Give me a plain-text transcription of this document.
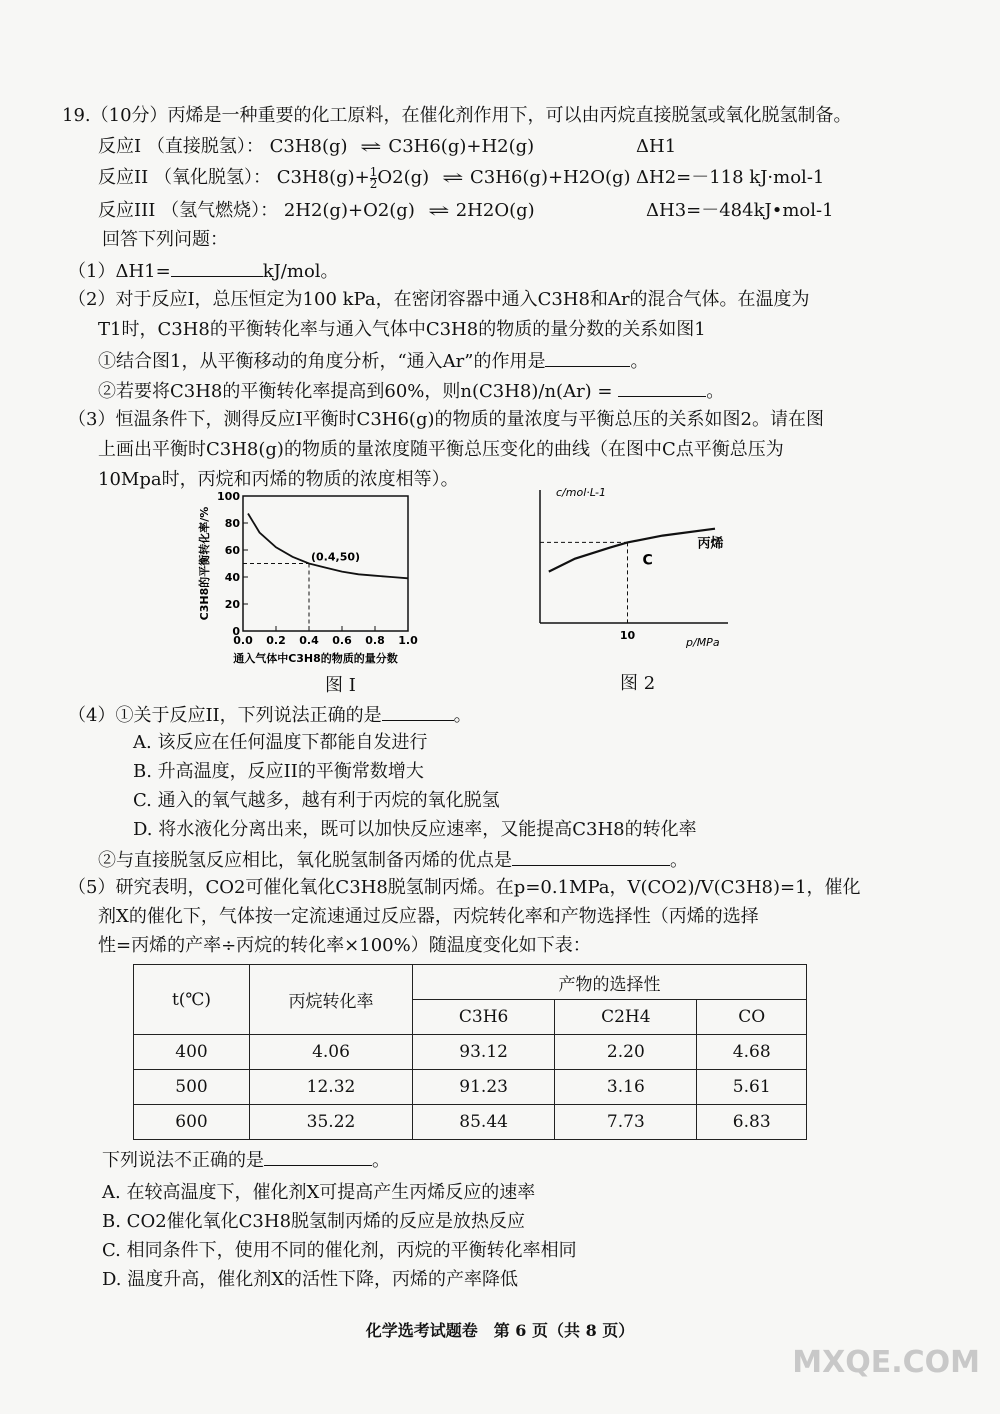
19.（10分）丙烯是一种重要的化工原料，在催化剂作用下，可以由丙烷直接脱氢或氧化脱氢制备。
反应I （直接脱氢）： C3H8(g) ⇌ C3H6(g)+H2(g)	ΔH1
反应II （氧化脱氢）： $C3H8(g)+ \frac{1}{2} O2(g)$ ⇌ C3H6(g)+H2O(g) ΔH2=－118 kJ·mol-1
反应III （氢气燃烧）： 2H2(g)+O2(g) ⇌ 2H2O(g)	ΔH3=－484kJ•mol-1
回答下列问题：
（1）ΔH1=	kJ/mol。
（2）对于反应I，总压恒定为100 kPa，在密闭容器中通入C3H8和Ar的混合气体。在温度为
T1时，C3H8的平衡转化率与通入气体中C3H8的物质的量分数的关系如图1
①结合图1，从平衡移动的角度分析，“通入Ar”的作用是	。
②若要将C3H8的平衡转化率提高到60%，则n(C3H8)/n(Ar) =	。
（3）恒温条件下，测得反应I平衡时C3H6(g)的物质的量浓度与平衡总压的关系如图2。请在图
上画出平衡时C3H8(g)的物质的量浓度随平衡总压变化的曲线（在图中C点平衡总压为
10Mpa时，丙烷和丙烯的物质的浓度相等）。
0
20
40
60
80
100
0.0 0.2 0.4 0.6 0.8 1.0
(0.4,50)
通入气体中C3H8的物质的量分数
C3H8的平衡转化率/%
图 I
c/mol·L-1
p/MPa
10
C
丙烯
图 2
（4）①关于反应II，下列说法正确的是	。
A. 该反应在任何温度下都能自发进行
B. 升高温度，反应II的平衡常数增大
C. 通入的氧气越多，越有利于丙烷的氧化脱氢
D. 将水液化分离出来，既可以加快反应速率，又能提高C3H8的转化率
②与直接脱氢反应相比，氧化脱氢制备丙烯的优点是	。
（5）研究表明，CO2可催化氧化C3H8脱氢制丙烯。在p=0.1MPa，V(CO2)/V(C3H8)=1，催化
剂X的催化下，气体按一定流速通过反应器，丙烷转化率和产物选择性（丙烯的选择
性=丙烯的产率÷丙烷的转化率×100%）随温度变化如下表：
t(℃)	丙烷转化率	产物的选择性		
		C3H6	C2H4	CO
400	4.06	93.12	2.20	4.68
500	12.32	91.23	3.16	5.61
600	35.22	85.44	7.73	6.83
下列说法不正确的是	。
A. 在较高温度下，催化剂X可提高产生丙烯反应的速率
B. CO2催化氧化C3H8脱氢制丙烯的反应是放热反应
C. 相同条件下，使用不同的催化剂，丙烷的平衡转化率相同
D. 温度升高，催化剂X的活性下降，丙烯的产率降低
化学选考试题卷　第 6 页（共 8 页）
MXQE.COM
